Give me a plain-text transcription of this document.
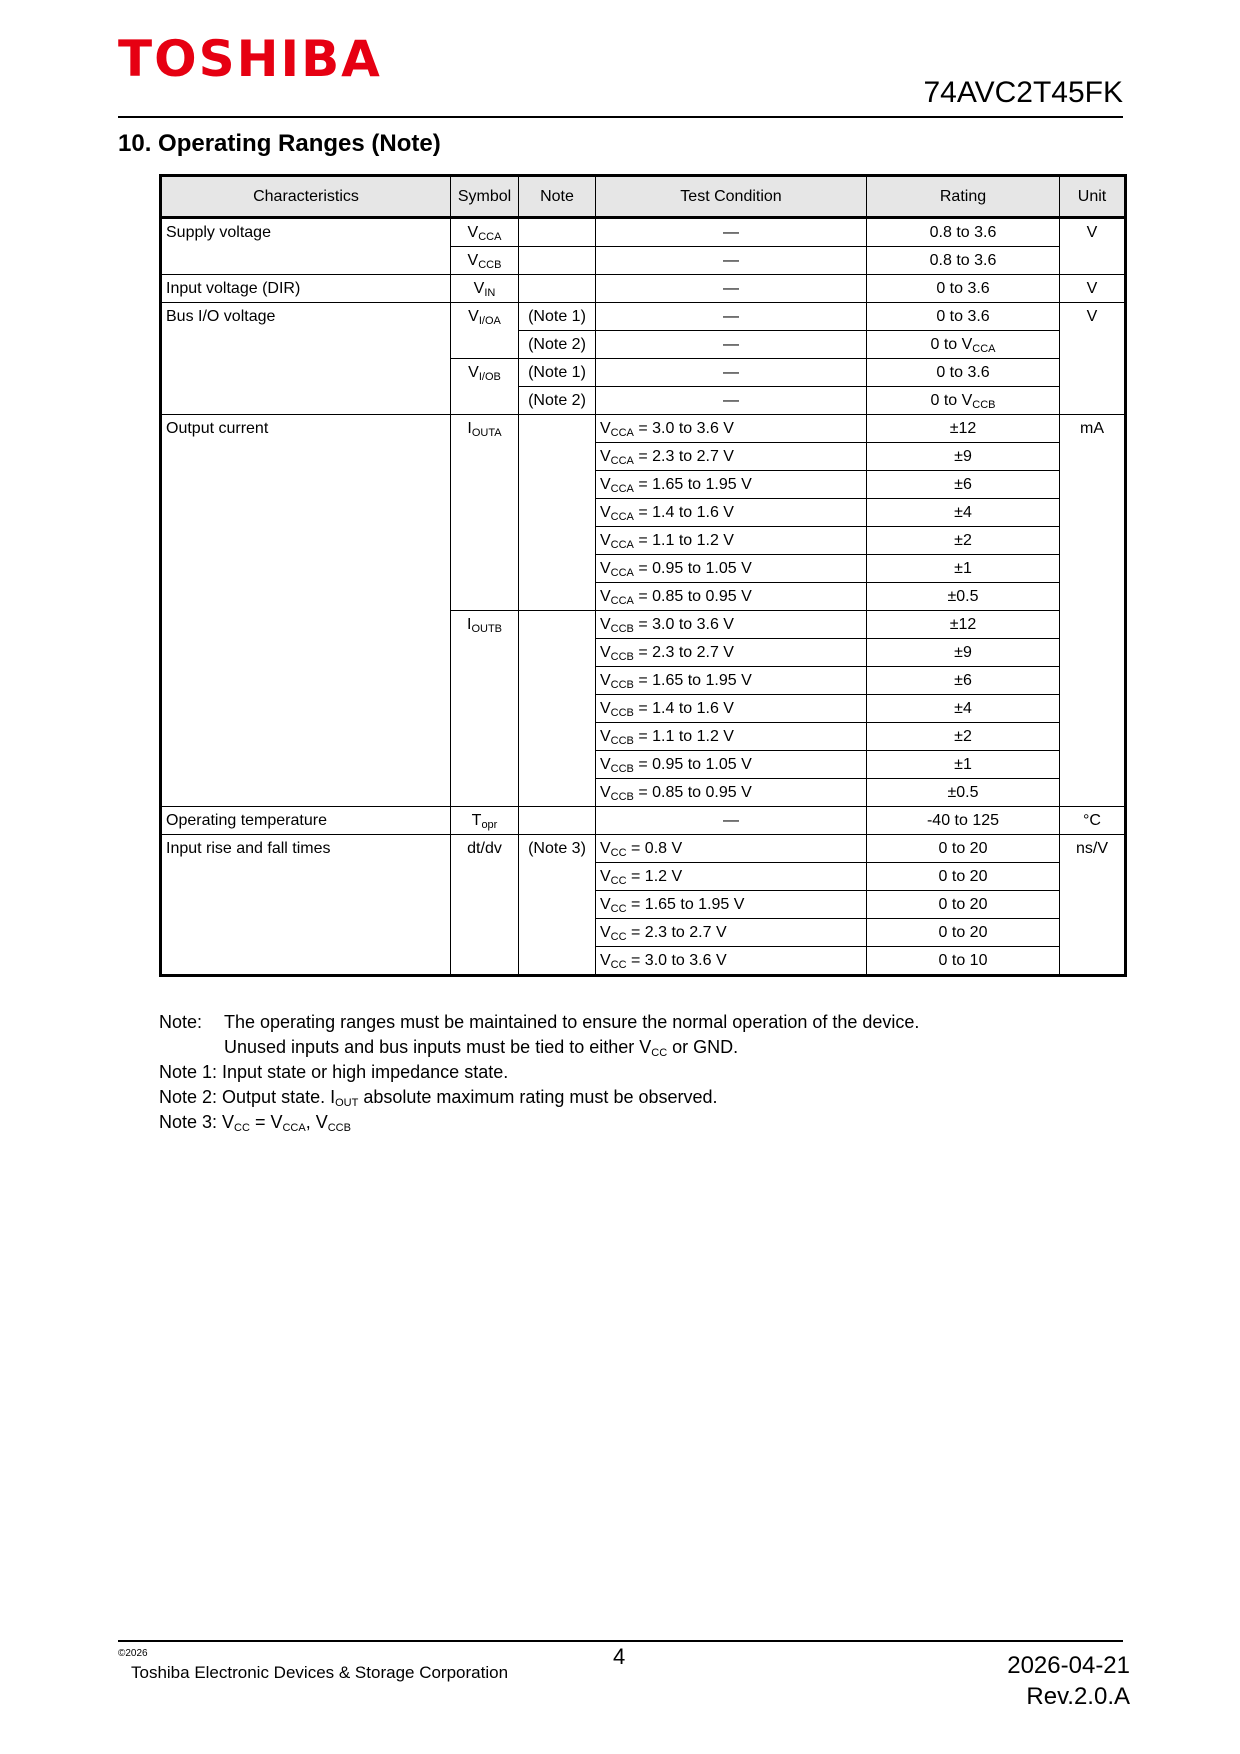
TOSHIBA
74AVC2T45FK
10. Operating Ranges (Note)
Characteristics	Symbol	Note	Test Condition	Rating	Unit
Supply voltage	$V_{CCA}$		—	0.8 to 3.6	V
	$V_{CCB}$		—	0.8 to 3.6	
Input voltage (DIR)	$V_{IN}$		—	0 to 3.6	V
Bus I/O voltage	$V_{I/OA}$	(Note 1)	—	0 to 3.6	V
		(Note 2)	—	0 to $V_{CCA}$
	$V_{I/OB}$	(Note 1)	—	0 to 3.6	
		(Note 2)	—	0 to $V_{CCB}$
Output current	$I_{OUTA}$		$V_{CCA} = 3.0$ to 3.6 V	±12	mA
			$V_{CCA} = 2.3$ to 2.7 V	±9	
			$V_{CCA} = 1.65$ to 1.95 V	±6	
			$V_{CCA} = 1.4$ to 1.6 V	±4	
			$V_{CCA} = 1.1$ to 1.2 V	±2	
			$V_{CCA} = 0.95$ to 1.05 V	±1	
			$V_{CCA} = 0.85$ to 0.95 V	±0.5	
	$I_{OUTB}$		$V_{CCB} = 3.0$ to 3.6 V	±12	
			$V_{CCB} = 2.3$ to 2.7 V	±9	
			$V_{CCB} = 1.65$ to 1.95 V	±6	
			$V_{CCB} = 1.4$ to 1.6 V	±4	
			$V_{CCB} = 1.1$ to 1.2 V	±2	
			$V_{CCB} = 0.95$ to 1.05 V	±1	
			$V_{CCB} = 0.85$ to 0.95 V	±0.5	
Operating temperature	$T_{opr}$		—	-40 to 125	°C
Input rise and fall times	dt/dv	(Note 3)	$V_{CC} = 0.8$ V	0 to 20	ns/V
			$V_{CC} = 1.2$ V	0 to 20	
			$V_{CC} = 1.65$ to 1.95 V	0 to 20	
			$V_{CC} = 2.3$ to 2.7 V	0 to 20	
			$V_{CC} = 3.0$ to 3.6 V	0 to 10	
Note:	The operating ranges must be maintained to ensure the normal operation of the device.
Unused inputs and bus inputs must be tied to either $V_{CC}$ or GND.
Note 1: Input state or high impedance state.
Note 2: Output state. $I_{OUT}$ absolute maximum rating must be observed.
Note 3: $V_{CC} = V_{CCA}$, $V_{CCB}$
©2026
Toshiba Electronic Devices & Storage Corporation
4	2026-04-21
Rev.2.0.A
